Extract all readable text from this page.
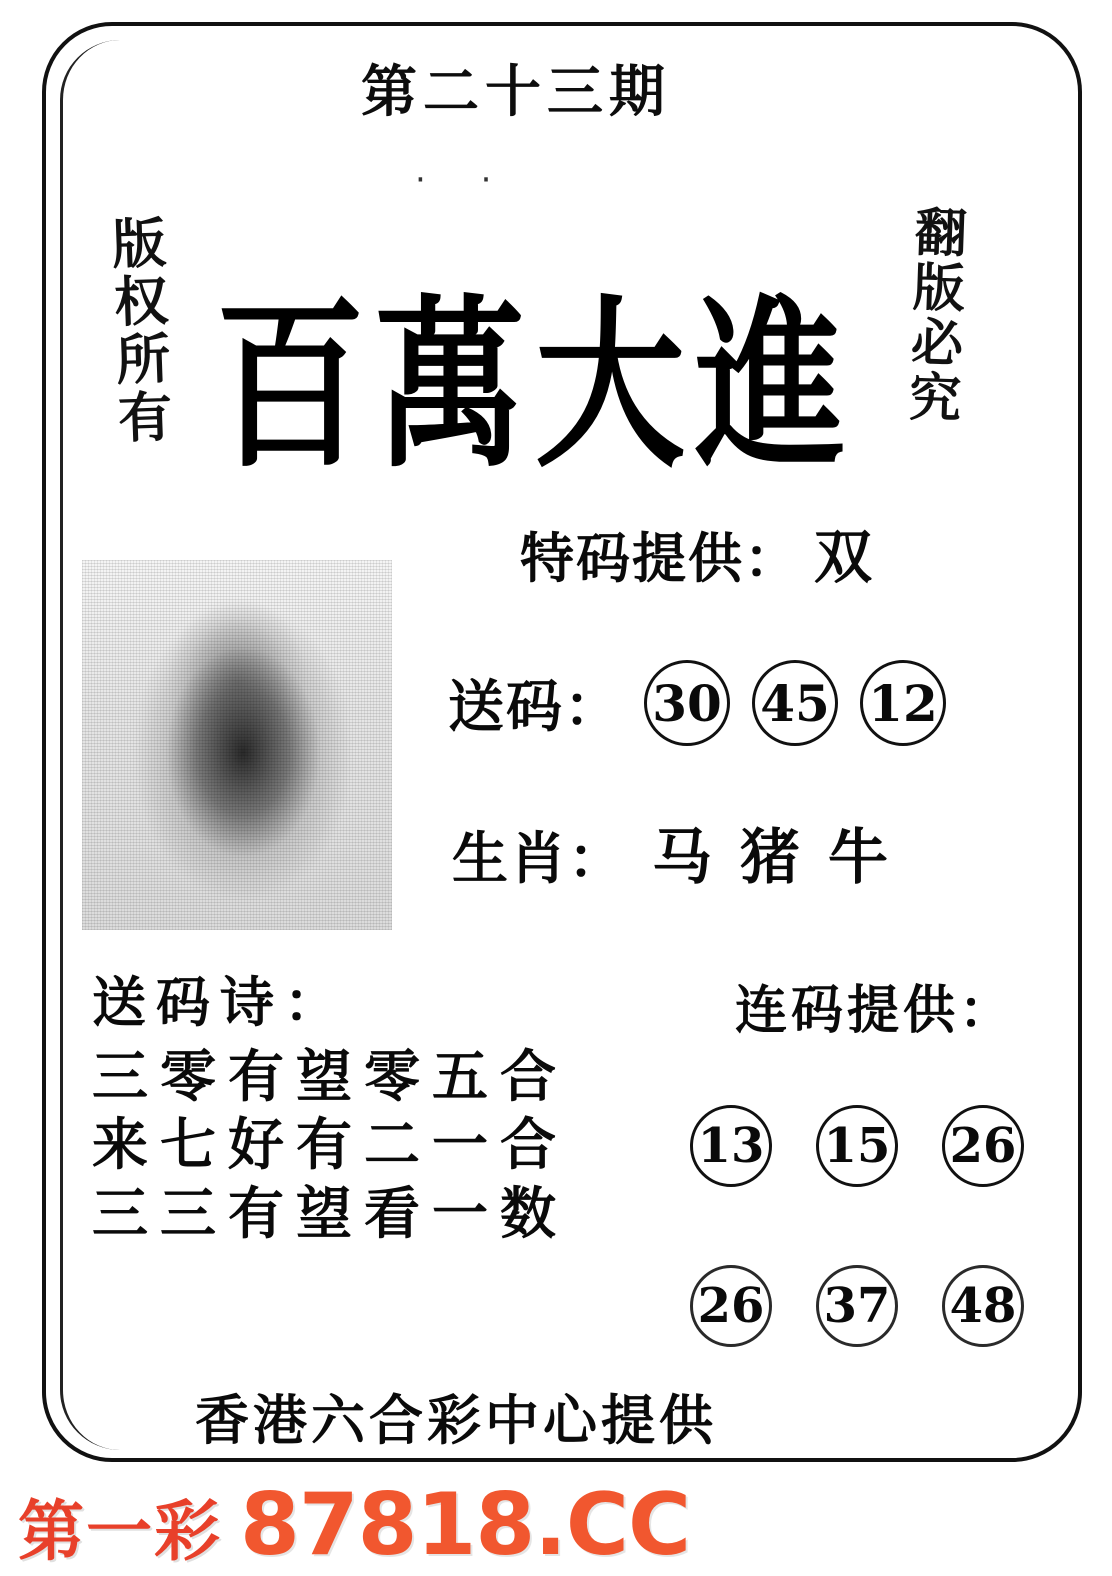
第二十三期
· ·
版权所有	翻版必究
百萬大進
特码提供： 双
送码： 30 45 12
生肖： 马 猪 牛
送码诗：
三零有望零五合
来七好有二一合
三三有望看一数
连码提供：
13 15 26
26 37 48
香港六合彩中心提供
第一彩 87818.CC
